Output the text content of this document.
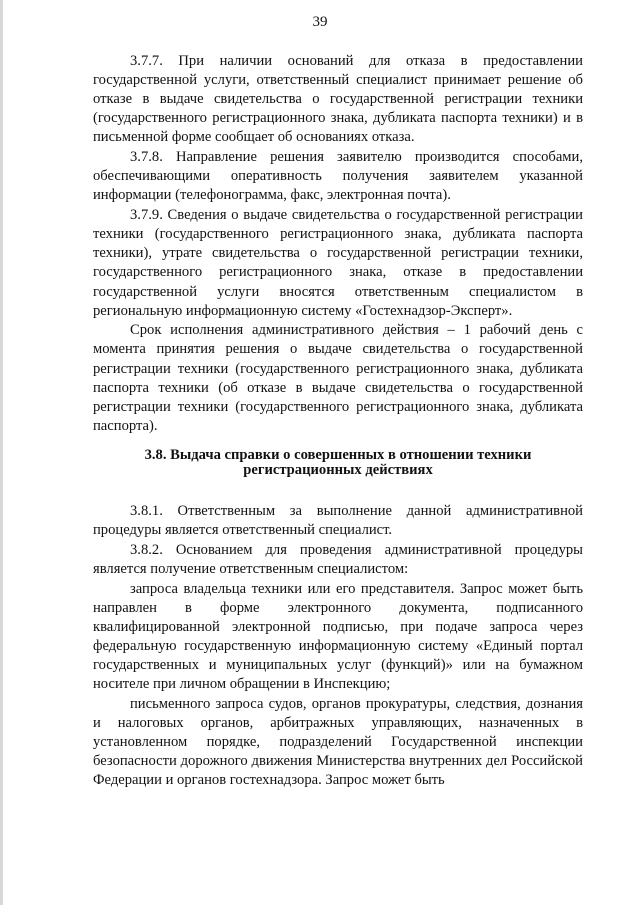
39

3.7.7. При наличии оснований для отказа в предоставлении государственной услуги, ответственный специалист принимает решение об отказе в выдаче свидетельства о государственной регистрации техники (государственного регистрационного знака, дубликата паспорта техники) и в письменной форме сообщает об основаниях отказа.

3.7.8. Направление решения заявителю производится способами, обеспечивающими оперативность получения заявителем указанной информации (телефонограмма, факс, электронная почта).

3.7.9. Сведения о выдаче свидетельства о государственной регистрации техники (государственного регистрационного знака, дубликата паспорта техники), утрате свидетельства о государственной регистрации техники, государственного регистрационного знака, отказе в предоставлении государственной услуги вносятся ответственным специалистом в региональную информационную систему «Гостехнадзор-Эксперт».

Срок исполнения административного действия – 1 рабочий день с момента принятия решения о выдаче свидетельства о государственной регистрации техники (государственного регистрационного знака, дубликата паспорта техники (об отказе в выдаче свидетельства о государственной регистрации техники (государственного регистрационного знака, дубликата паспорта).

3.8. Выдача справки о совершенных в отношении техники регистрационных действиях

3.8.1. Ответственным за выполнение данной административной процедуры является ответственный специалист.

3.8.2. Основанием для проведения административной процедуры является получение ответственным специалистом:

запроса владельца техники или его представителя. Запрос может быть направлен в форме электронного документа, подписанного квалифицированной электронной подписью, при подаче запроса через федеральную государственную информационную систему «Единый портал государственных и муниципальных услуг (функций)» или на бумажном носителе при личном обращении в Инспекцию;

письменного запроса судов, органов прокуратуры, следствия, дознания и налоговых органов, арбитражных управляющих, назначенных в установленном порядке, подразделений Государственной инспекции безопасности дорожного движения Министерства внутренних дел Российской Федерации и органов гостехнадзора. Запрос может быть
